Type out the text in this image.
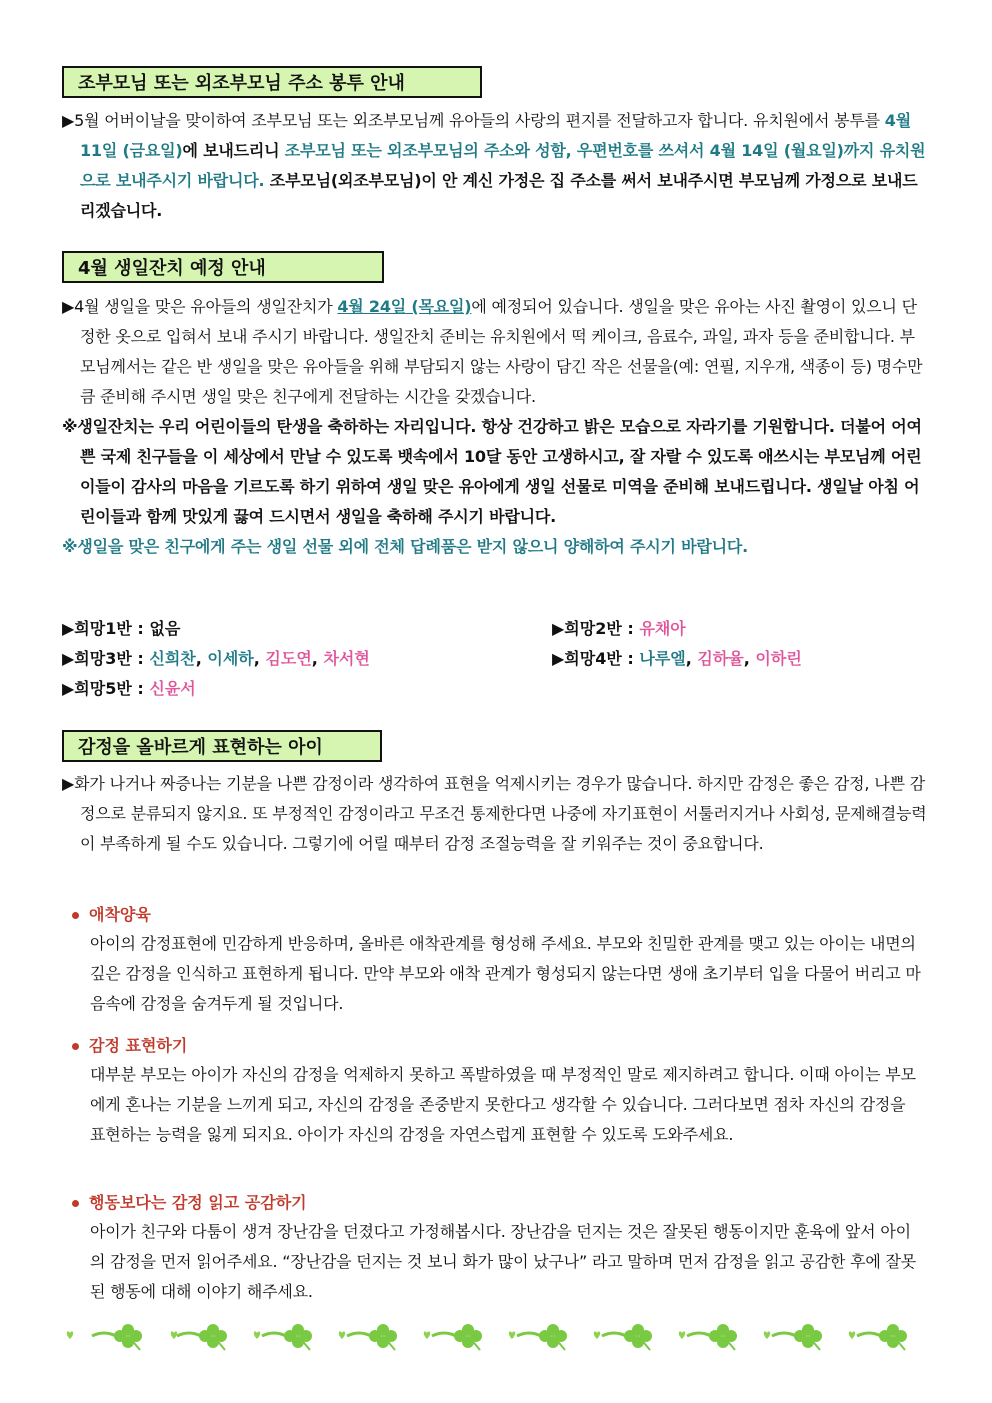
조부모님 또는 외조부모님 주소 봉투 안내
▶5월 어버이날을 맞이하여 조부모님 또는 외조부모님께 유아들의 사랑의 편지를 전달하고자 합니다. 유치원에서 봉투를 4월 11일 (금요일)에 보내드리니 조부모님 또는 외조부모님의 주소와 성함, 우편번호를 쓰셔서 4월 14일 (월요일)까지 유치원으로 보내주시기 바랍니다. 조부모님(외조부모님)이 안 계신 가정은 집 주소를 써서 보내주시면 부모님께 가정으로 보내드리겠습니다.
4월 생일잔치 예정 안내
▶4월 생일을 맞은 유아들의 생일잔치가 4월 24일 (목요일)에 예정되어 있습니다. 생일을 맞은 유아는 사진 촬영이 있으니 단정한 옷으로 입혀서 보내 주시기 바랍니다. 생일잔치 준비는 유치원에서 떡 케이크, 음료수, 과일, 과자 등을 준비합니다. 부모님께서는 같은 반 생일을 맞은 유아들을 위해 부담되지 않는 사랑이 담긴 작은 선물을(예: 연필, 지우개, 색종이 등) 명수만큼 준비해 주시면 생일 맞은 친구에게 전달하는 시간을 갖겠습니다.
※생일잔치는 우리 어린이들의 탄생을 축하하는 자리입니다. 항상 건강하고 밝은 모습으로 자라기를 기원합니다. 더불어 어여쁜 국제 친구들을 이 세상에서 만날 수 있도록 뱃속에서 10달 동안 고생하시고, 잘 자랄 수 있도록 애쓰시는 부모님께 어린이들이 감사의 마음을 기르도록 하기 위하여 생일 맞은 유아에게 생일 선물로 미역을 준비해 보내드립니다. 생일날 아침 어린이들과 함께 맛있게 끓여 드시면서 생일을 축하해 주시기 바랍니다.
※생일을 맞은 친구에게 주는 생일 선물 외에 전체 답례품은 받지 않으니 양해하여 주시기 바랍니다.
▶희망1반 : 없음	▶희망2반 : 유채아
▶희망3반 : 신희찬, 이세하, 김도연, 차서현	▶희망4반 : 나루엘, 김하율, 이하린
▶희망5반 : 신윤서
감정을 올바르게 표현하는 아이
▶화가 나거나 짜증나는 기분을 나쁜 감정이라 생각하여 표현을 억제시키는 경우가 많습니다. 하지만 감정은 좋은 감정, 나쁜 감정으로 분류되지 않지요. 또 부정적인 감정이라고 무조건 통제한다면 나중에 자기표현이 서툴러지거나 사회성, 문제해결능력이 부족하게 될 수도 있습니다. 그렇기에 어릴 때부터 감정 조절능력을 잘 키워주는 것이 중요합니다.
애착양육
아이의 감정표현에 민감하게 반응하며, 올바른 애착관계를 형성해 주세요. 부모와 친밀한 관계를 맺고 있는 아이는 내면의 깊은 감정을 인식하고 표현하게 됩니다. 만약 부모와 애착 관계가 형성되지 않는다면 생애 초기부터 입을 다물어 버리고 마음속에 감정을 숨겨두게 될 것입니다.
감정 표현하기
대부분 부모는 아이가 자신의 감정을 억제하지 못하고 폭발하였을 때 부정적인 말로 제지하려고 합니다. 이때 아이는 부모에게 혼나는 기분을 느끼게 되고, 자신의 감정을 존중받지 못한다고 생각할 수 있습니다. 그러다보면 점차 자신의 감정을 표현하는 능력을 잃게 되지요. 아이가 자신의 감정을 자연스럽게 표현할 수 있도록 도와주세요.
행동보다는 감정 읽고 공감하기
아이가 친구와 다툼이 생겨 장난감을 던졌다고 가정해봅시다. 장난감을 던지는 것은 잘못된 행동이지만 훈육에 앞서 아이의 감정을 먼저 읽어주세요. “장난감을 던지는 것 보니 화가 많이 났구나” 라고 말하며 먼저 감정을 읽고 공감한 후에 잘못된 행동에 대해 이야기 해주세요.
